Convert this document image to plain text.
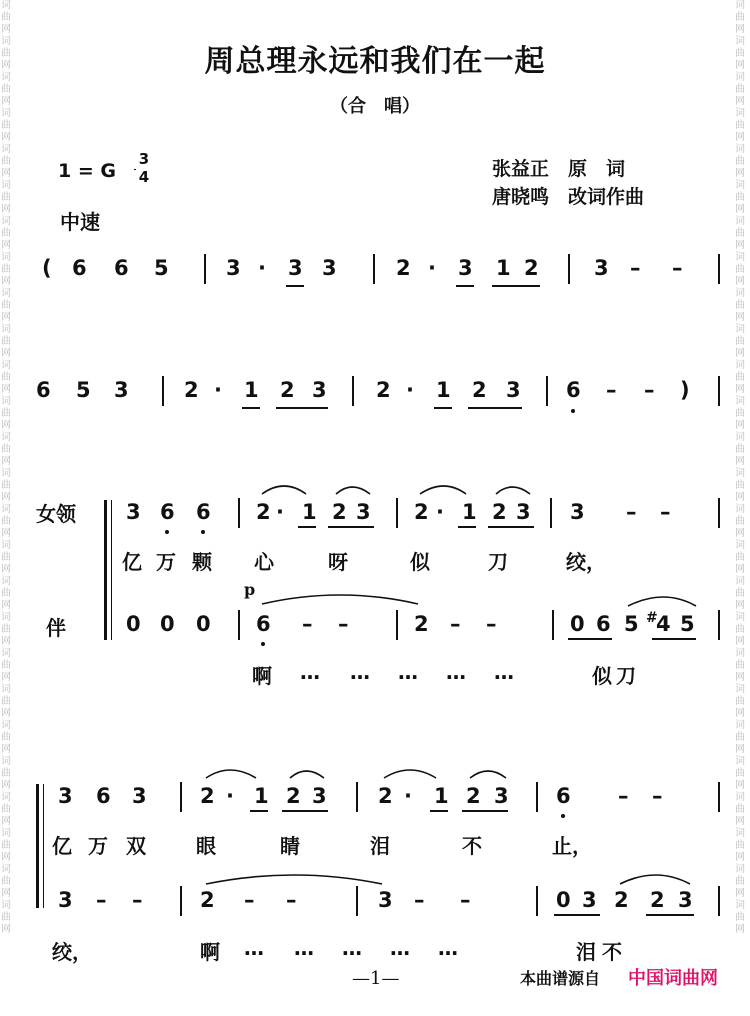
词曲网词曲网词曲网词曲网词曲网词曲网词曲网词曲网词曲网词曲网词曲网词曲网词曲网词曲网词曲网词曲网词曲网词曲网词曲网词曲网词曲网词曲网词曲网词曲网词曲网词曲网
词曲网词曲网词曲网词曲网词曲网词曲网词曲网词曲网词曲网词曲网词曲网词曲网词曲网词曲网词曲网词曲网词曲网词曲网词曲网词曲网词曲网词曲网词曲网词曲网词曲网词曲网
周总理永远和我们在一起
（合　唱）
1 = G
3
4
中速
张益正　原　词
唐晓鸣　改词作曲
( 6 6 5	3 · 3 3	2 · 3 1 2	3 – –
6 5 3	2 · 1 2 3 2 · 1 2 3 6 – – )
女领
伴
3 6 6 2 · 1 2 3 2 · 1 2 3 3 – –
亿 万 颗 心	呀	似	刀	绞，
p
0 0 0 6 – –	2 – –	0 6 5 #
4 5
啊 … … … … …	似 刀
3 6 3	2 · 1 2 3 2 · 1 2 3 6 – –
亿 万 双	眼	睛	泪	不	止，
3 – –	2 – –	3 – –	0 3 2 2 3
绞，	啊 … … … … …	泪 不
—1—	本曲谱源自 中国词曲网
